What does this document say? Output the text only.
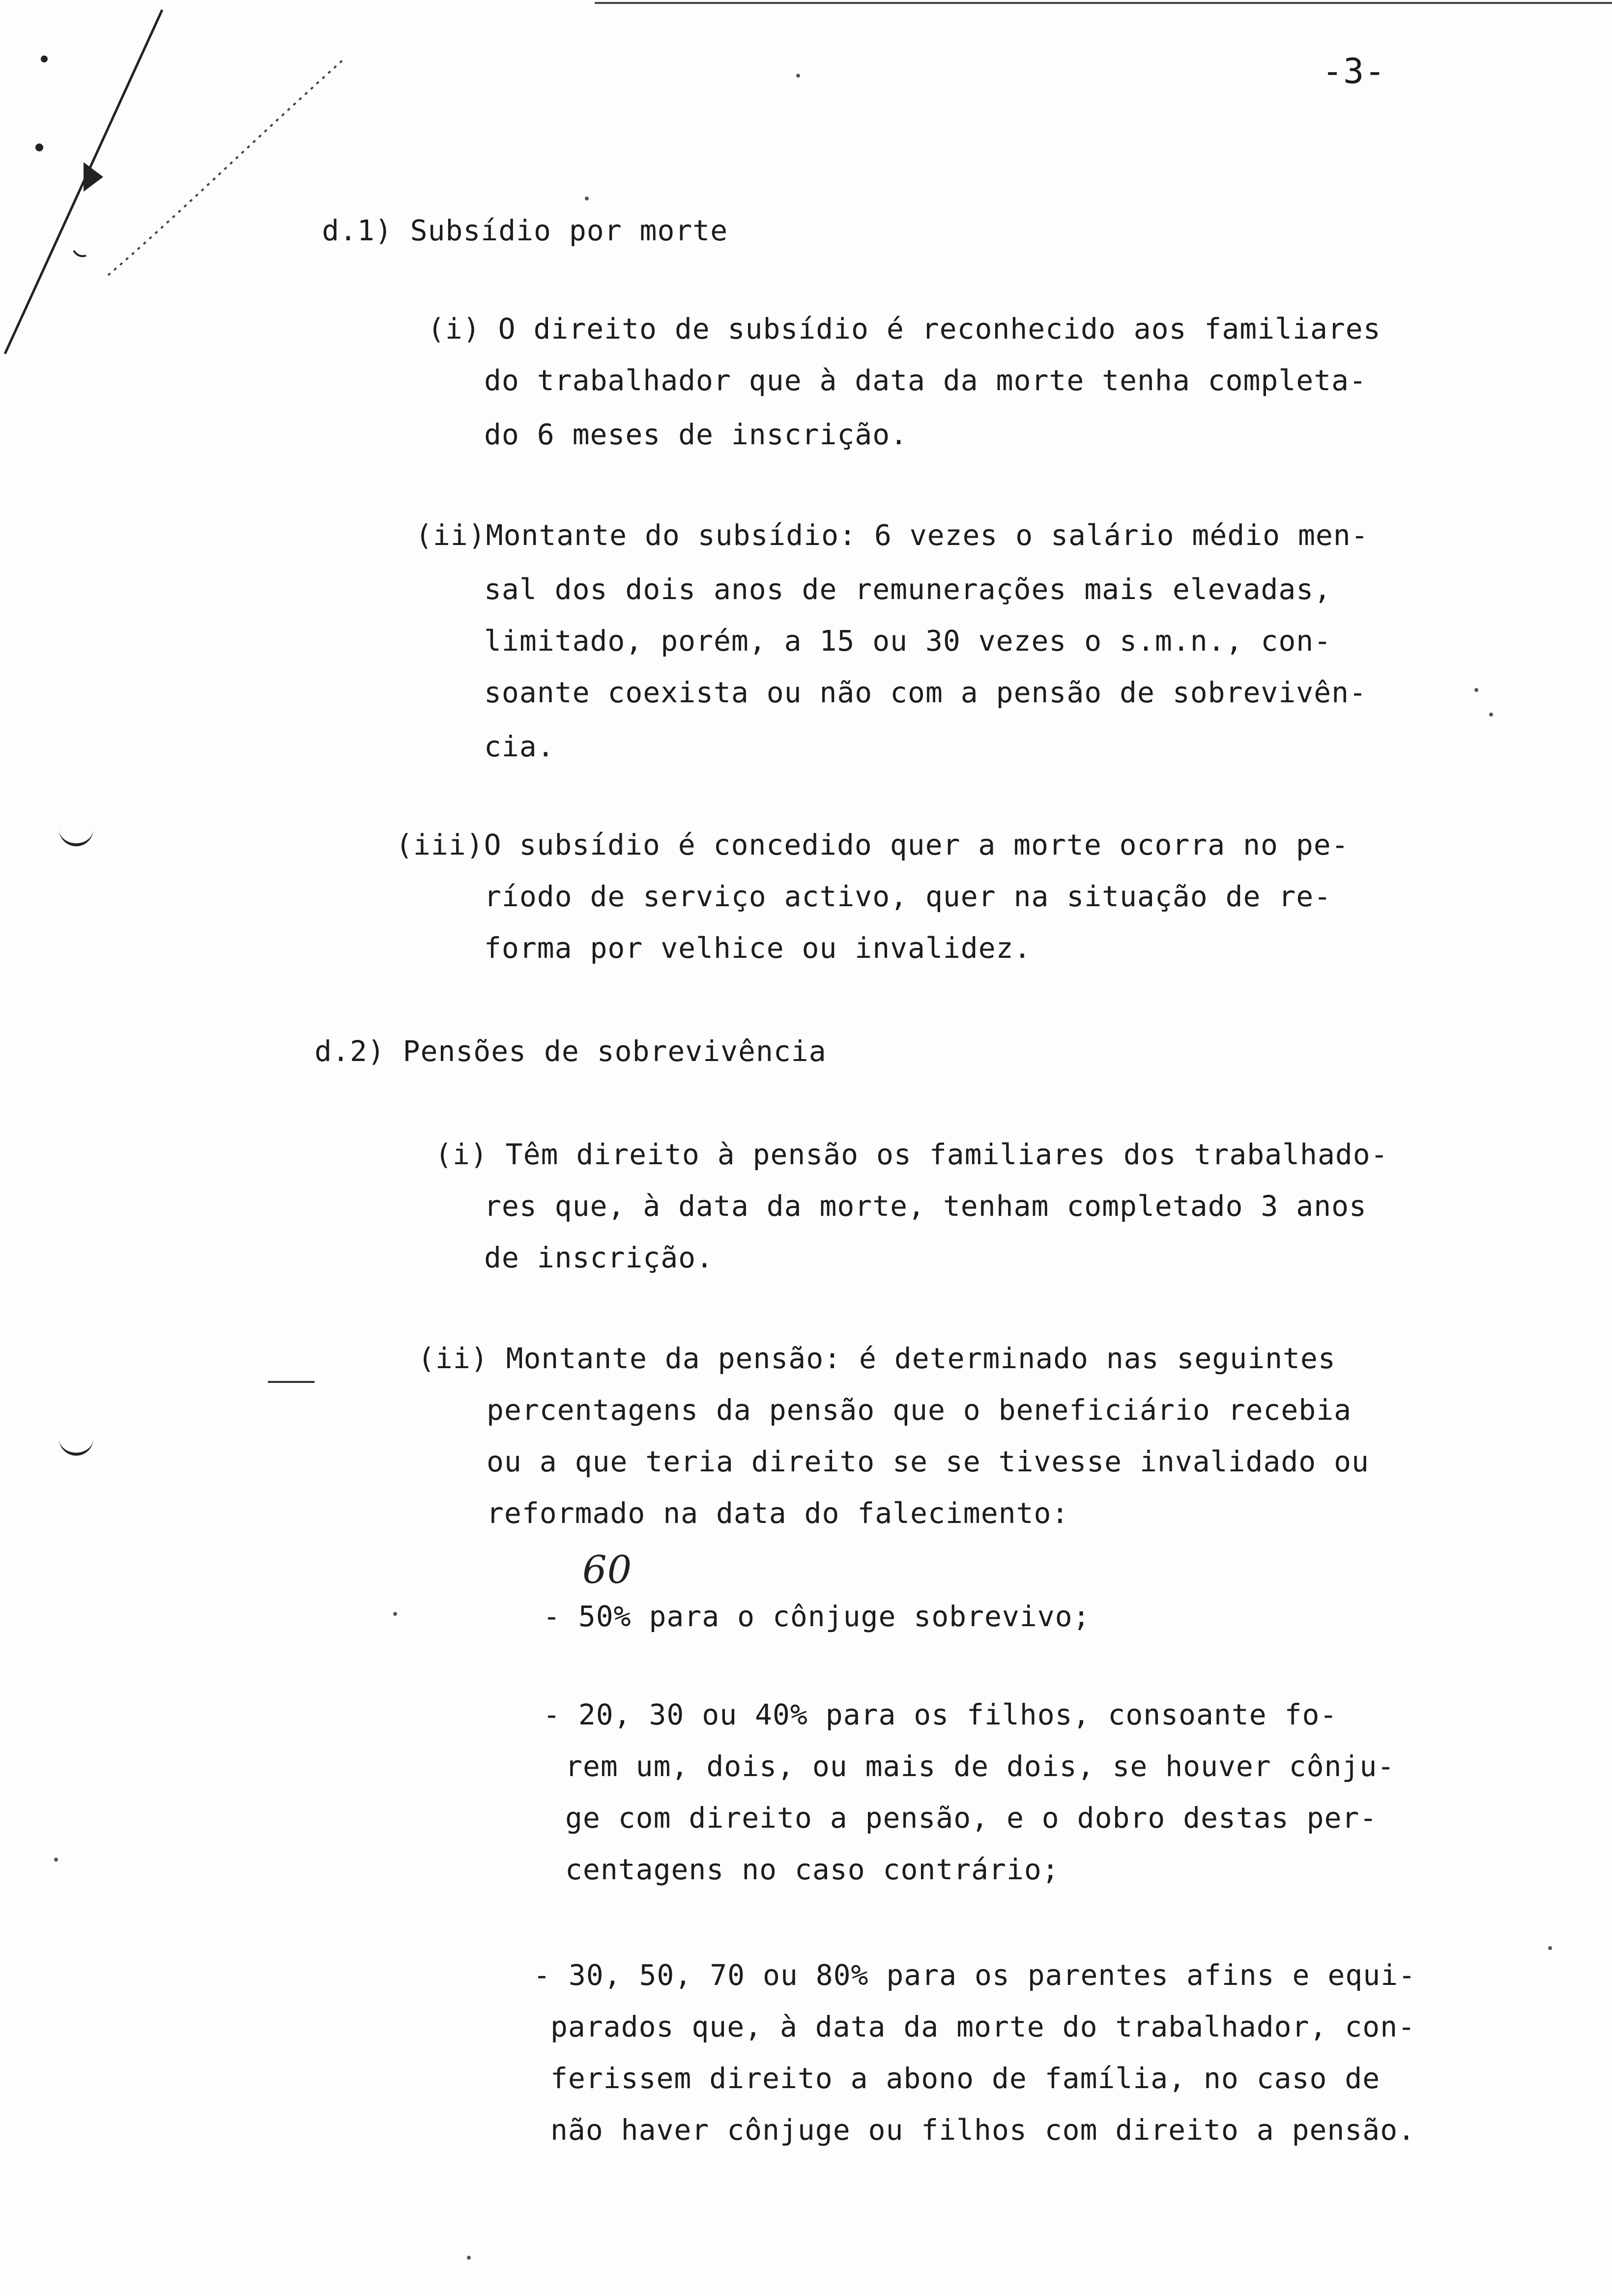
-3-
d.1) Subsídio por morte
(i) O direito de subsídio é reconhecido aos familiares
do trabalhador que à data da morte tenha completa-
do 6 meses de inscrição.
(ii)Montante do subsídio: 6 vezes o salário médio men-
sal dos dois anos de remunerações mais elevadas,
limitado, porém, a 15 ou 30 vezes o s.m.n., con-
soante coexista ou não com a pensão de sobrevivên-
cia.
(iii)O subsídio é concedido quer a morte ocorra no pe-
ríodo de serviço activo, quer na situação de re-
forma por velhice ou invalidez.
d.2) Pensões de sobrevivência
(i) Têm direito à pensão os familiares dos trabalhado-
res que, à data da morte, tenham completado 3 anos
de inscrição.
(ii) Montante da pensão: é determinado nas seguintes
percentagens da pensão que o beneficiário recebia
ou a que teria direito se se tivesse invalidado ou
reformado na data do falecimento:
60
- 50% para o cônjuge sobrevivo;
- 20, 30 ou 40% para os filhos, consoante fo-
rem um, dois, ou mais de dois, se houver cônju-
ge com direito a pensão, e o dobro destas per-
centagens no caso contrário;
- 30, 50, 70 ou 80% para os parentes afins e equi-
parados que, à data da morte do trabalhador, con-
ferissem direito a abono de família, no caso de
não haver cônjuge ou filhos com direito a pensão.
